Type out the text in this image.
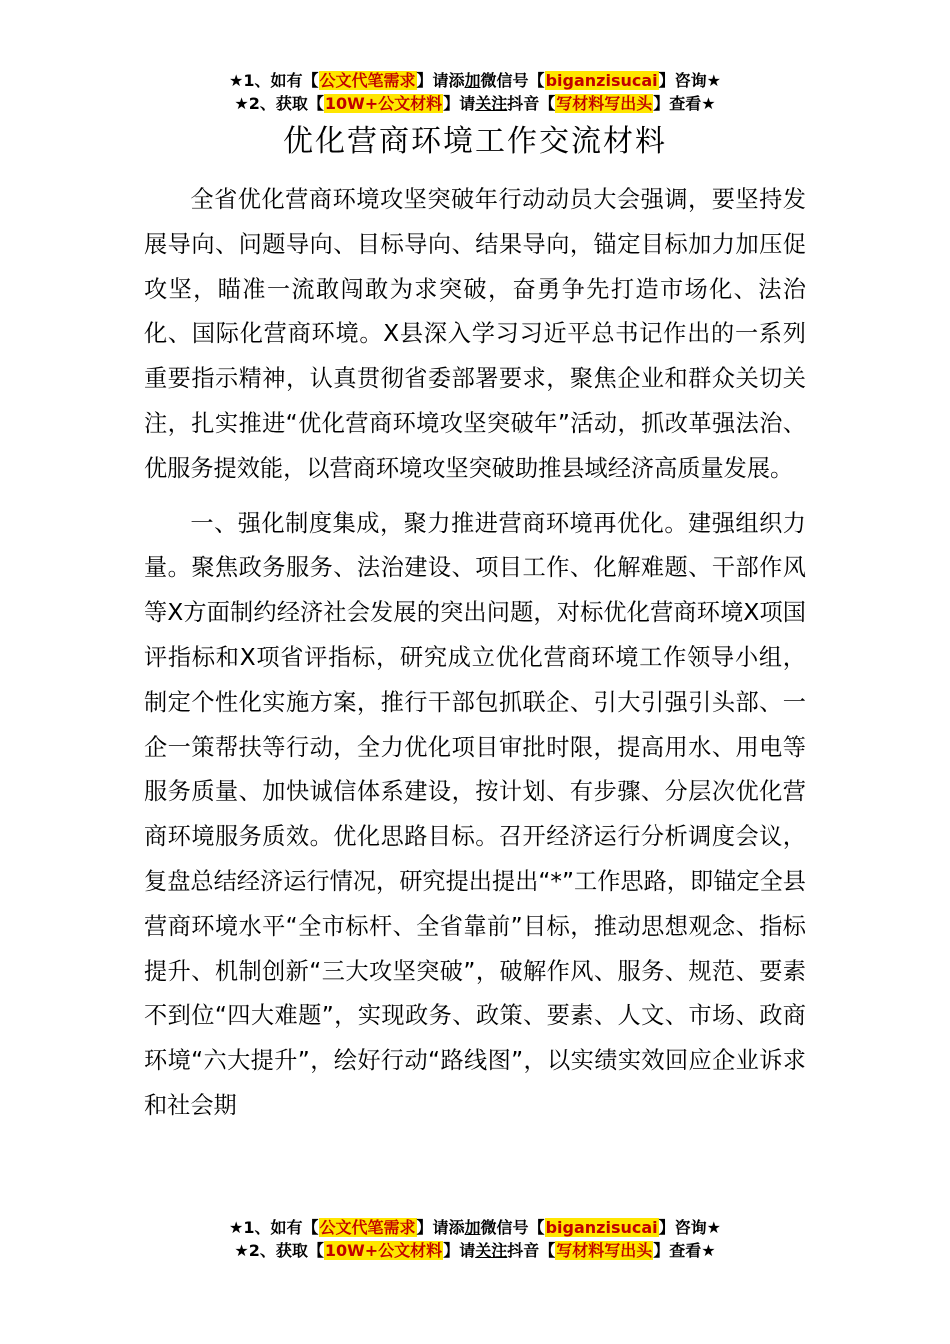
★1、如有【公文代笔需求】请添加微信号【biganzisucai】咨询★
★2、获取【10W+公文材料】请关注抖音【写材料写出头】查看★
优化营商环境工作交流材料

全省优化营商环境攻坚突破年行动动员大会强调，要坚持发展导向、问题导向、目标导向、结果导向，锚定目标加力加压促攻坚，瞄准一流敢闯敢为求突破，奋勇争先打造市场化、法治化、国际化营商环境。X县深入学习习近平总书记作出的一系列重要指示精神，认真贯彻省委部署要求，聚焦企业和群众关切关注，扎实推进“优化营商环境攻坚突破年”活动，抓改革强法治、优服务提效能，以营商环境攻坚突破助推县域经济高质量发展。

一、强化制度集成，聚力推进营商环境再优化。建强组织力量。聚焦政务服务、法治建设、项目工作、化解难题、干部作风等X方面制约经济社会发展的突出问题，对标优化营商环境X项国评指标和X项省评指标，研究成立优化营商环境工作领导小组，制定个性化实施方案，推行干部包抓联企、引大引强引头部、一企一策帮扶等行动，全力优化项目审批时限，提高用水、用电等服务质量、加快诚信体系建设，按计划、有步骤、分层次优化营商环境服务质效。优化思路目标。召开经济运行分析调度会议，复盘总结经济运行情况，研究提出提出“*”工作思路，即锚定全县营商环境水平“全市标杆、全省靠前”目标，推动思想观念、指标提升、机制创新“三大攻坚突破”，破解作风、服务、规范、要素不到位“四大难题”，实现政务、政策、要素、人文、市场、政商环境“六大提升”，绘好行动“路线图”，以实绩实效回应企业诉求和社会期

★1、如有【公文代笔需求】请添加微信号【biganzisucai】咨询★
★2、获取【10W+公文材料】请关注抖音【写材料写出头】查看★
